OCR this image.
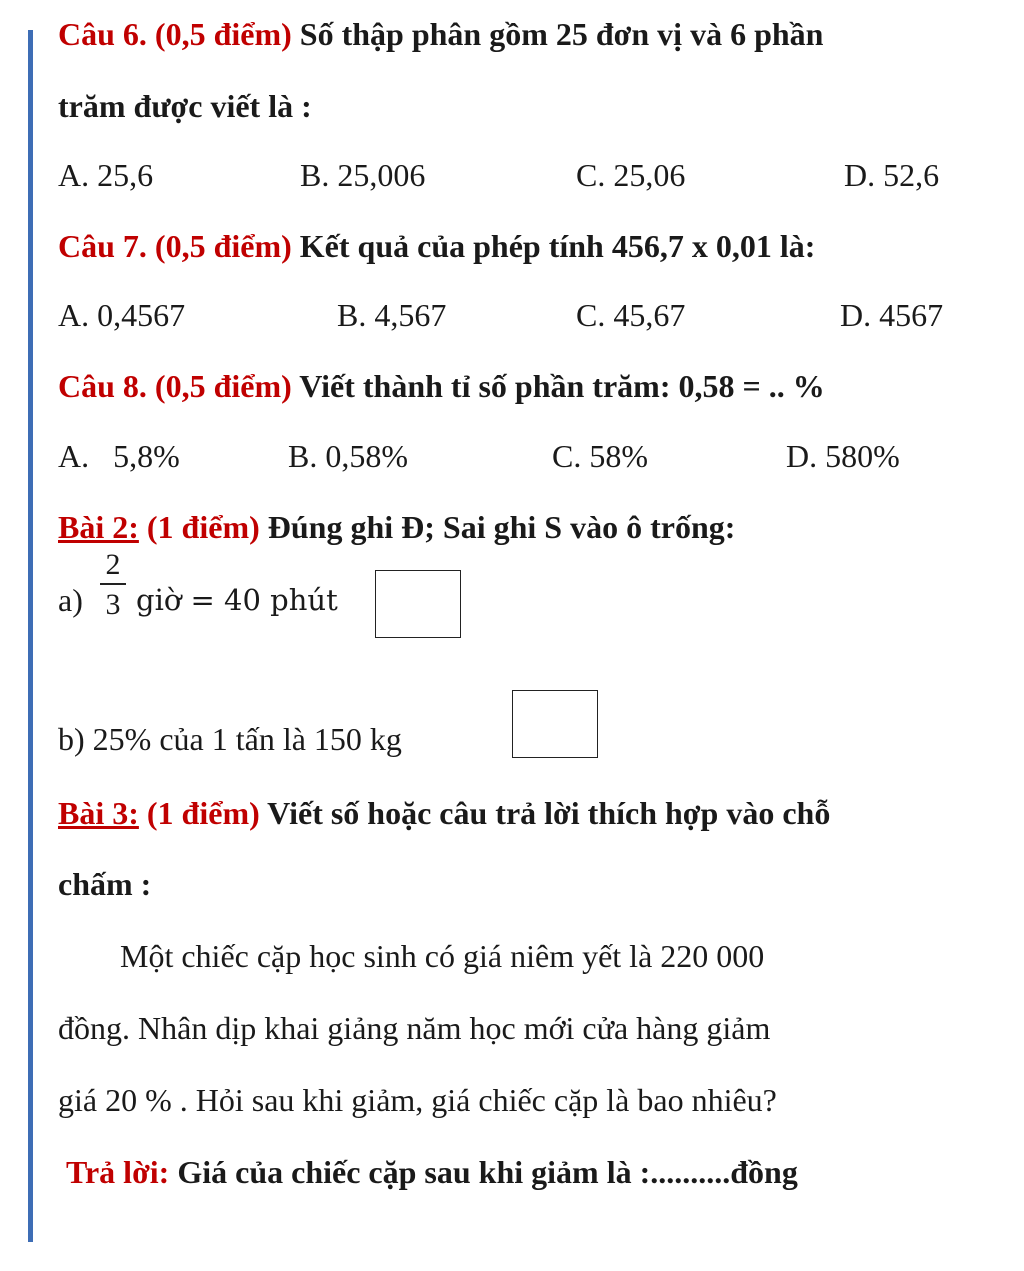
Câu 6. (0,5 điểm) Số thập phân gồm 25 đơn vị và 6 phần
trăm được viết là :
A. 25,6	B. 25,006	C. 25,06	D. 52,6
Câu 7. (0,5 điểm) Kết quả của phép tính 456,7 x 0,01 là:
A. 0,4567	B. 4,567	C. 45,67	D. 4567
Câu 8. (0,5 điểm) Viết thành tỉ số phần trăm: 0,58 = .. %
A.   5,8%	B. 0,58%	C. 58%	D. 580%
Bài 2: (1 điểm) Đúng ghi Đ; Sai ghi S vào ô trống:
a)
2
3 giờ = 40 phút
b) 25% của 1 tấn là 150 kg
Bài 3: (1 điểm) Viết số hoặc câu trả lời thích hợp vào chỗ
chấm :
Một chiếc cặp học sinh có giá niêm yết là 220 000
đồng. Nhân dịp khai giảng năm học mới cửa hàng giảm
giá 20 % . Hỏi sau khi giảm, giá chiếc cặp là bao nhiêu?
Trả lời: Giá của chiếc cặp sau khi giảm là :..........đồng
